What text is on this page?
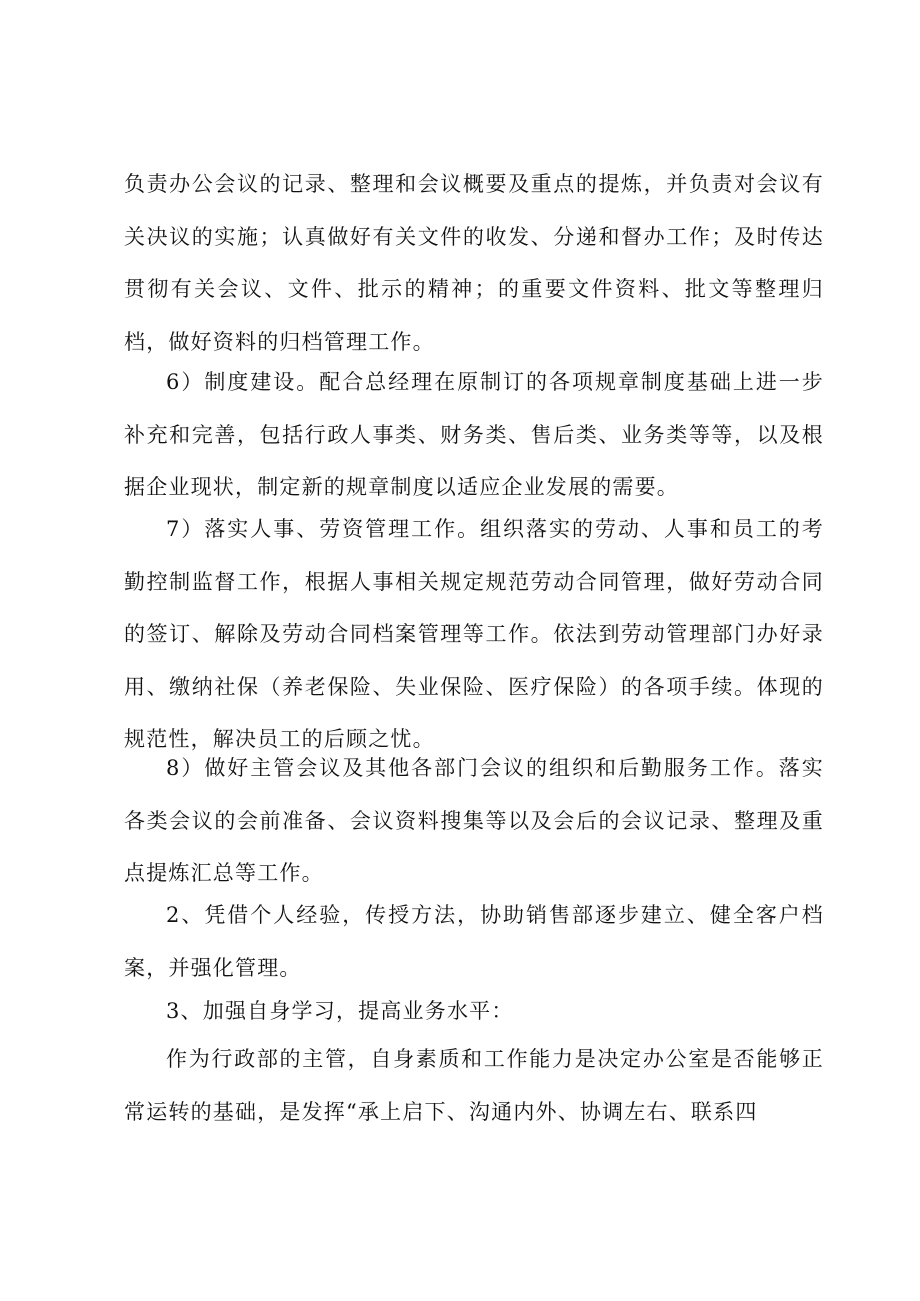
负责办公会议的记录、整理和会议概要及重点的提炼，并负责对会议有关决议的实施；认真做好有关文件的收发、分递和督办工作；及时传达贯彻有关会议、文件、批示的精神；的重要文件资料、批文等整理归档，做好资料的归档管理工作。

6）制度建设。配合总经理在原制订的各项规章制度基础上进一步补充和完善，包括行政人事类、财务类、售后类、业务类等等，以及根据企业现状，制定新的规章制度以适应企业发展的需要。

7）落实人事、劳资管理工作。组织落实的劳动、人事和员工的考勤控制监督工作，根据人事相关规定规范劳动合同管理，做好劳动合同的签订、解除及劳动合同档案管理等工作。依法到劳动管理部门办好录用、缴纳社保（养老保险、失业保险、医疗保险）的各项手续。体现的规范性，解决员工的后顾之忧。

8）做好主管会议及其他各部门会议的组织和后勤服务工作。落实各类会议的会前准备、会议资料搜集等以及会后的会议记录、整理及重点提炼汇总等工作。

2、凭借个人经验，传授方法，协助销售部逐步建立、健全客户档案，并强化管理。

3、加强自身学习，提高业务水平：

作为行政部的主管，自身素质和工作能力是决定办公室是否能够正常运转的基础，是发挥“承上启下、沟通内外、协调左右、联系四
